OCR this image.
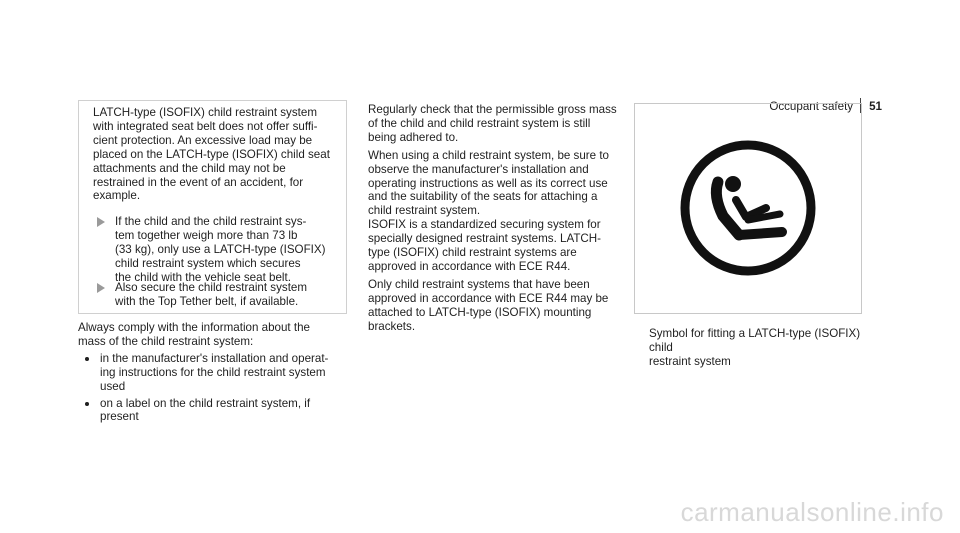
Occupant safety 51

LATCH-type (ISOFIX) child restraint system
with integrated seat belt does not offer suffi-
cient protection. An excessive load may be
placed on the LATCH-type (ISOFIX) child seat
attachments and the child may not be
restrained in the event of an accident, for
example.

If the child and the child restraint sys-
tem together weigh more than 73 lb
(33 kg), only use a LATCH-type (ISOFIX)
child restraint system which secures
the child with the vehicle seat belt.

Also secure the child restraint system
with the Top Tether belt, if available.

Always comply with the information about the
mass of the child restraint system:

in the manufacturer's installation and operat-
ing instructions for the child restraint system
used
on a label on the child restraint system, if
present

Regularly check that the permissible gross mass
of the child and child restraint system is still
being adhered to.

When using a child restraint system, be sure to
observe the manufacturer's installation and
operating instructions as well as its correct use
and the suitability of the seats for attaching a
child restraint system.
ISOFIX is a standardized securing system for
specially designed restraint systems. LATCH-
type (ISOFIX) child restraint systems are
approved in accordance with ECE R44.

Only child restraint systems that have been
approved in accordance with ECE R44 may be
attached to LATCH-type (ISOFIX) mounting
brackets.

Symbol for fitting a LATCH-type (ISOFIX) child
restraint system

carmanualsonline.info
